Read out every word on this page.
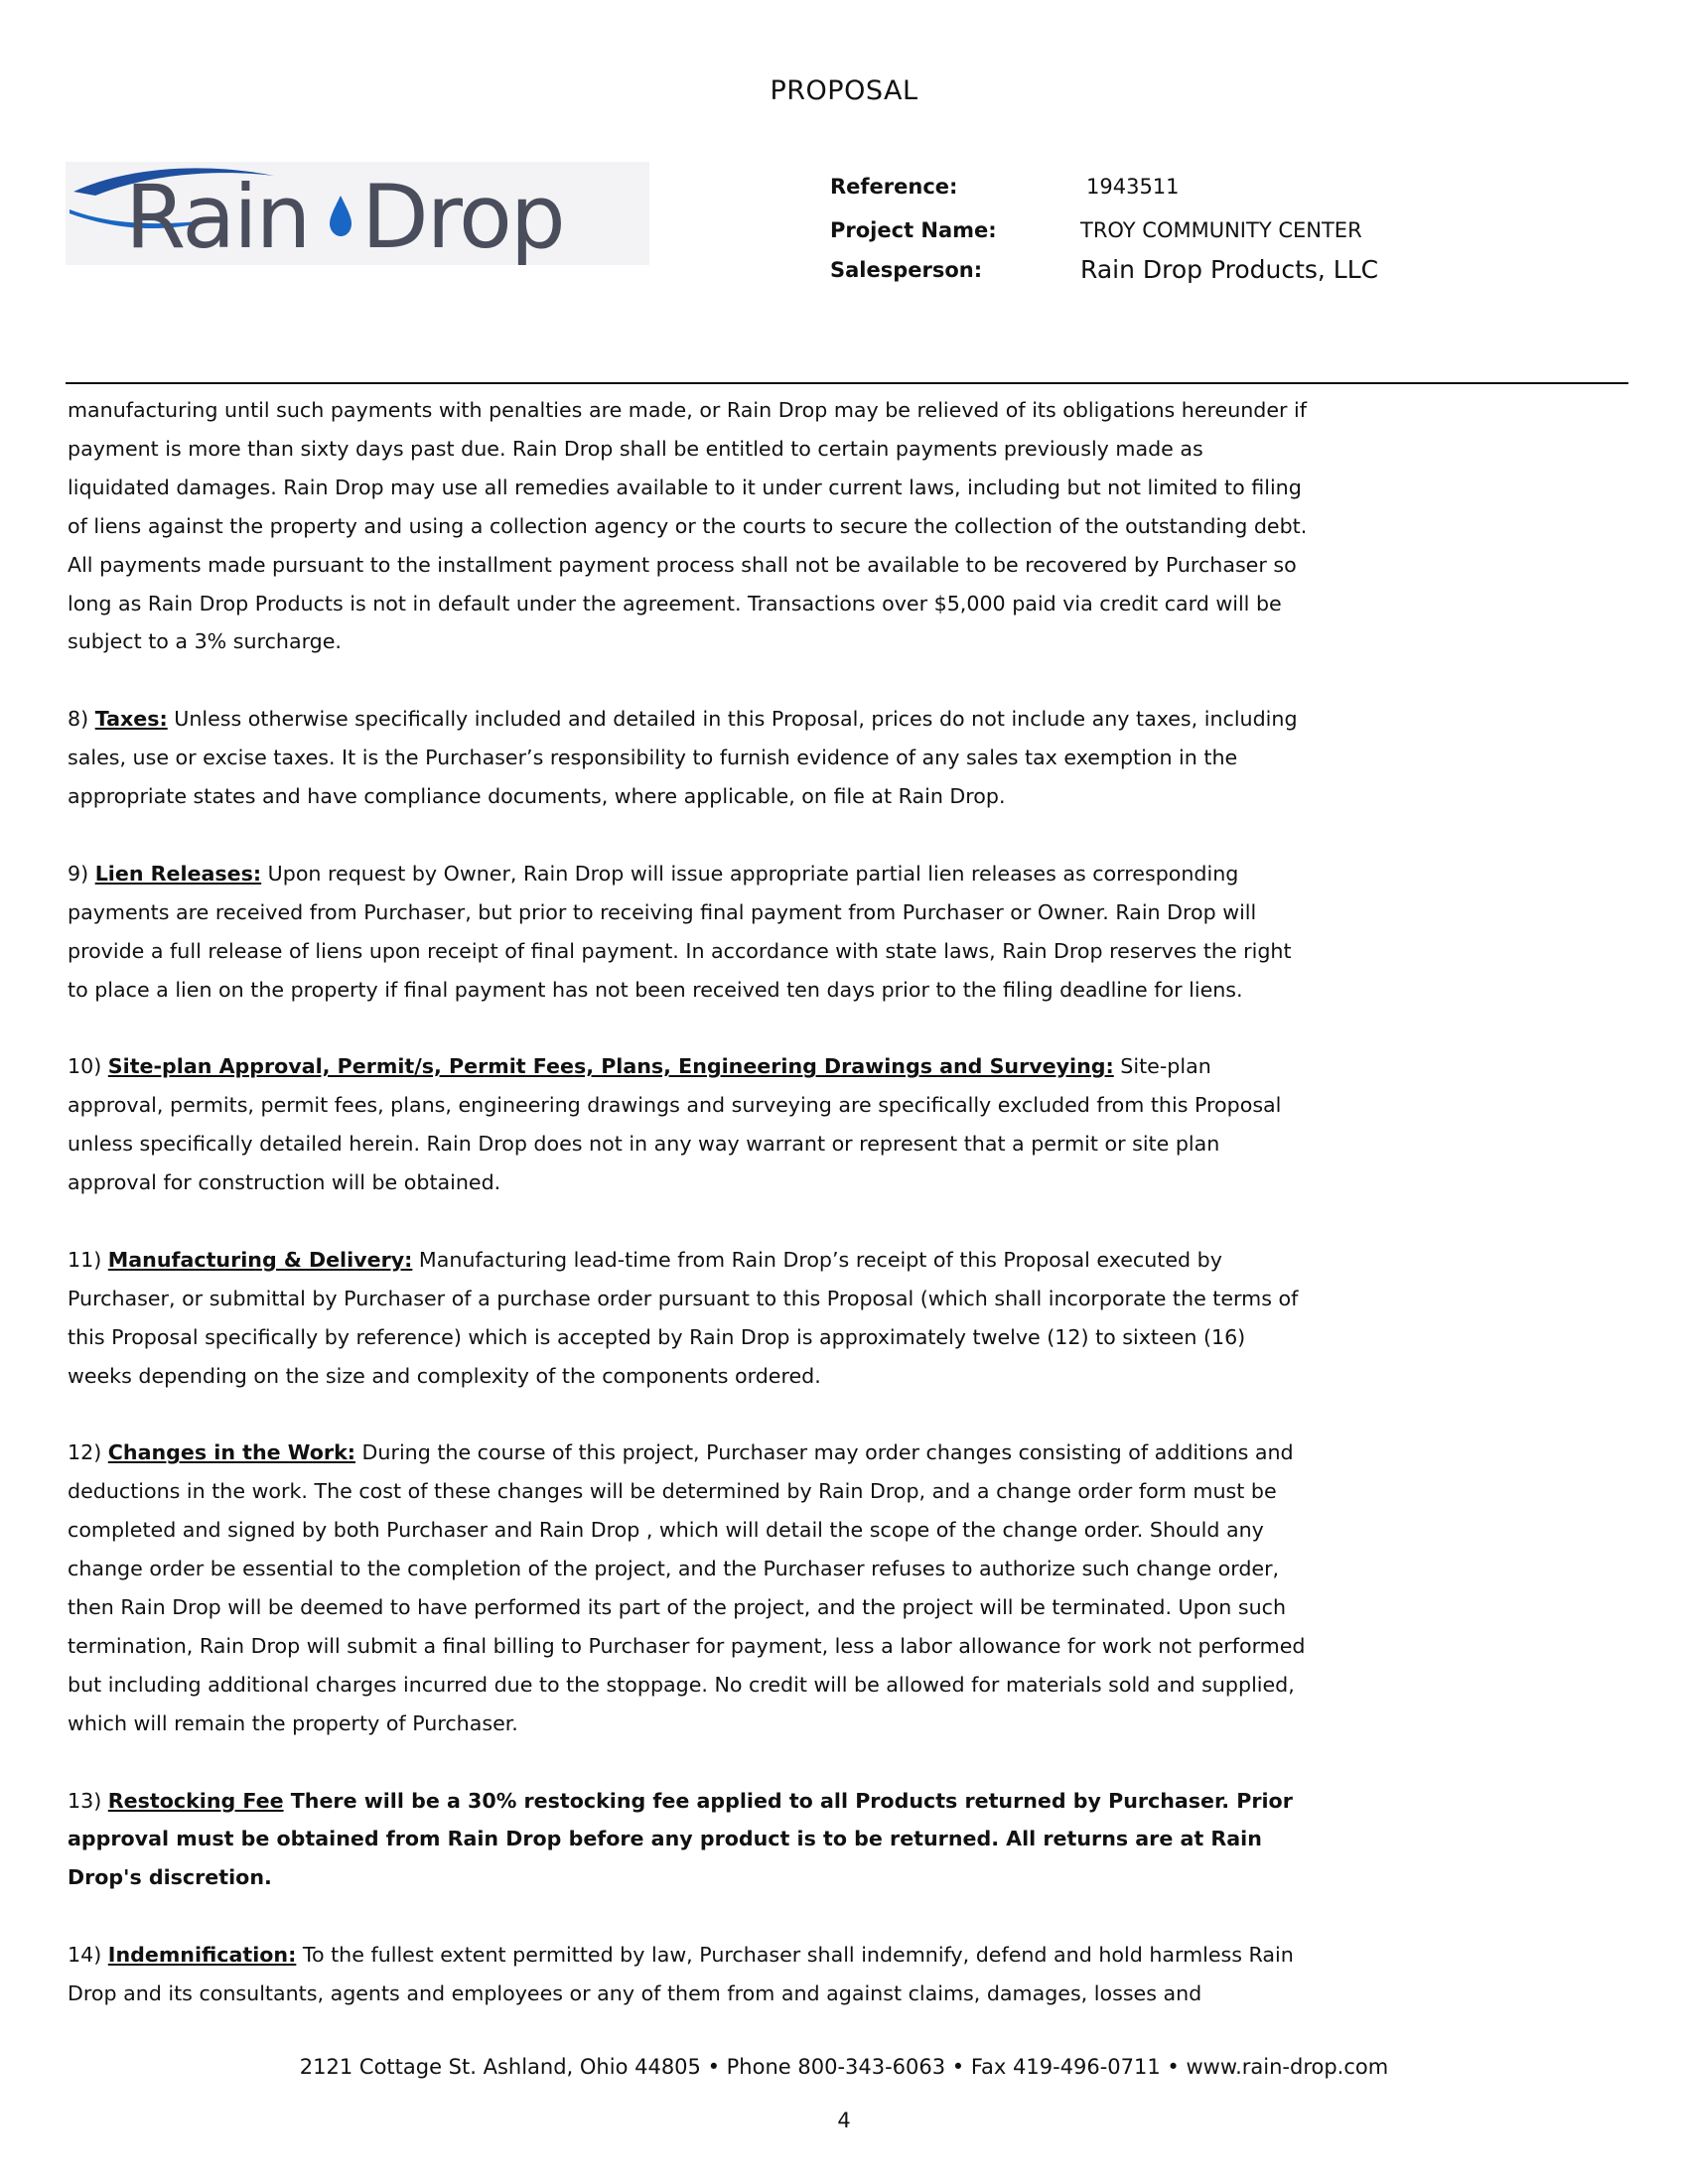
PROPOSAL
Rain Drop	Reference:	1943511
Project Name:	TROY COMMUNITY CENTER
Salesperson:	Rain Drop Products, LLC

manufacturing until such payments with penalties are made, or Rain Drop may be relieved of its obligations hereunder if payment is more than sixty days past due. Rain Drop shall be entitled to certain payments previously made as liquidated damages. Rain Drop may use all remedies available to it under current laws, including but not limited to filing of liens against the property and using a collection agency or the courts to secure the collection of the outstanding debt. All payments made pursuant to the installment payment process shall not be available to be recovered by Purchaser so long as Rain Drop Products is not in default under the agreement. Transactions over $5,000 paid via credit card will be subject to a 3% surcharge.

8) Taxes: Unless otherwise specifically included and detailed in this Proposal, prices do not include any taxes, including sales, use or excise taxes. It is the Purchaser’s responsibility to furnish evidence of any sales tax exemption in the appropriate states and have compliance documents, where applicable, on file at Rain Drop.

9) Lien Releases: Upon request by Owner, Rain Drop will issue appropriate partial lien releases as corresponding payments are received from Purchaser, but prior to receiving final payment from Purchaser or Owner. Rain Drop will provide a full release of liens upon receipt of final payment. In accordance with state laws, Rain Drop reserves the right to place a lien on the property if final payment has not been received ten days prior to the filing deadline for liens.

10) Site-plan Approval, Permit/s, Permit Fees, Plans, Engineering Drawings and Surveying: Site-plan approval, permits, permit fees, plans, engineering drawings and surveying are specifically excluded from this Proposal unless specifically detailed herein. Rain Drop does not in any way warrant or represent that a permit or site plan approval for construction will be obtained.

11) Manufacturing & Delivery: Manufacturing lead-time from Rain Drop’s receipt of this Proposal executed by Purchaser, or submittal by Purchaser of a purchase order pursuant to this Proposal (which shall incorporate the terms of this Proposal specifically by reference) which is accepted by Rain Drop is approximately twelve (12) to sixteen (16) weeks depending on the size and complexity of the components ordered.

12) Changes in the Work: During the course of this project, Purchaser may order changes consisting of additions and deductions in the work. The cost of these changes will be determined by Rain Drop, and a change order form must be completed and signed by both Purchaser and Rain Drop , which will detail the scope of the change order. Should any change order be essential to the completion of the project, and the Purchaser refuses to authorize such change order, then Rain Drop will be deemed to have performed its part of the project, and the project will be terminated. Upon such termination, Rain Drop will submit a final billing to Purchaser for payment, less a labor allowance for work not performed but including additional charges incurred due to the stoppage. No credit will be allowed for materials sold and supplied, which will remain the property of Purchaser.

13) Restocking Fee There will be a 30% restocking fee applied to all Products returned by Purchaser. Prior approval must be obtained from Rain Drop before any product is to be returned. All returns are at Rain Drop's discretion.

14) Indemnification: To the fullest extent permitted by law, Purchaser shall indemnify, defend and hold harmless Rain Drop and its consultants, agents and employees or any of them from and against claims, damages, losses and

2121 Cottage St. Ashland, Ohio 44805 • Phone 800-343-6063 • Fax 419-496-0711 • www.rain-drop.com
4
